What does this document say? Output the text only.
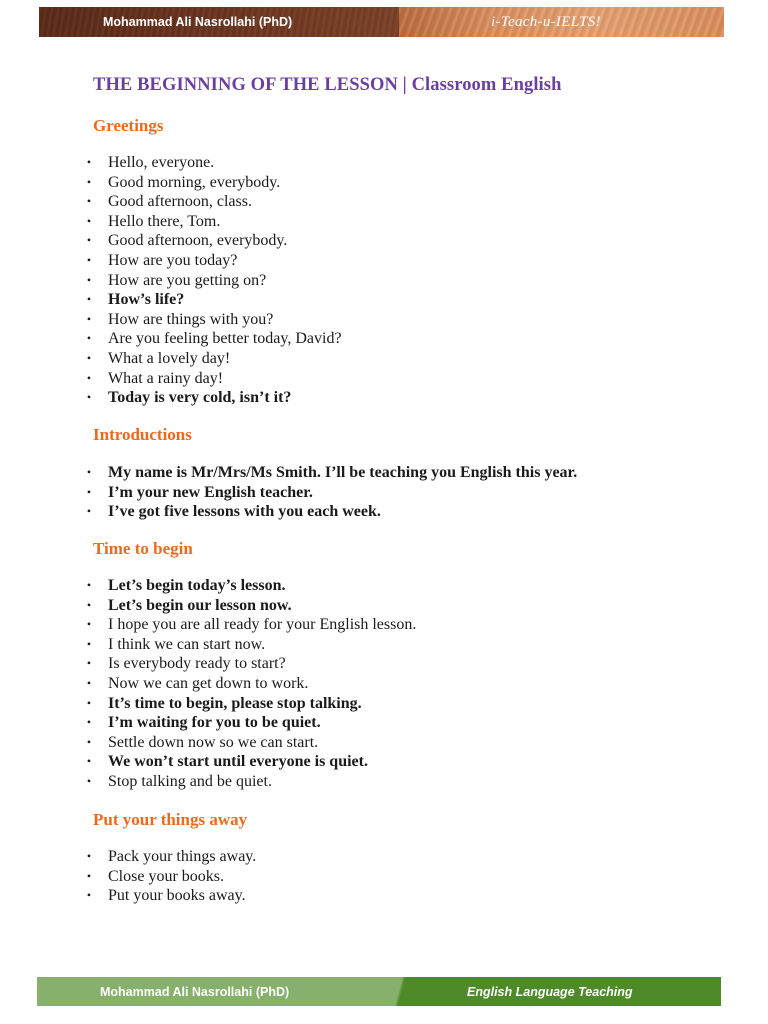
Mohammad Ali Nasrollahi (PhD)	i-Teach-u-IELTS!
THE BEGINNING OF THE LESSON | Classroom English
Greetings
• Hello, everyone.
• Good morning, everybody.
• Good afternoon, class.
• Hello there, Tom.
• Good afternoon, everybody.
• How are you today?
• How are you getting on?
• How’s life?
• How are things with you?
• Are you feeling better today, David?
• What a lovely day!
• What a rainy day!
• Today is very cold, isn’t it?
Introductions
• My name is Mr/Mrs/Ms Smith. I’ll be teaching you English this year.
• I’m your new English teacher.
• I’ve got five lessons with you each week.
Time to begin
• Let’s begin today’s lesson.
• Let’s begin our lesson now.
• I hope you are all ready for your English lesson.
• I think we can start now.
• Is everybody ready to start?
• Now we can get down to work.
• It’s time to begin, please stop talking.
• I’m waiting for you to be quiet.
• Settle down now so we can start.
• We won’t start until everyone is quiet.
• Stop talking and be quiet.
Put your things away
• Pack your things away.
• Close your books.
• Put your books away.
Mohammad Ali Nasrollahi (PhD)	English Language Teaching
